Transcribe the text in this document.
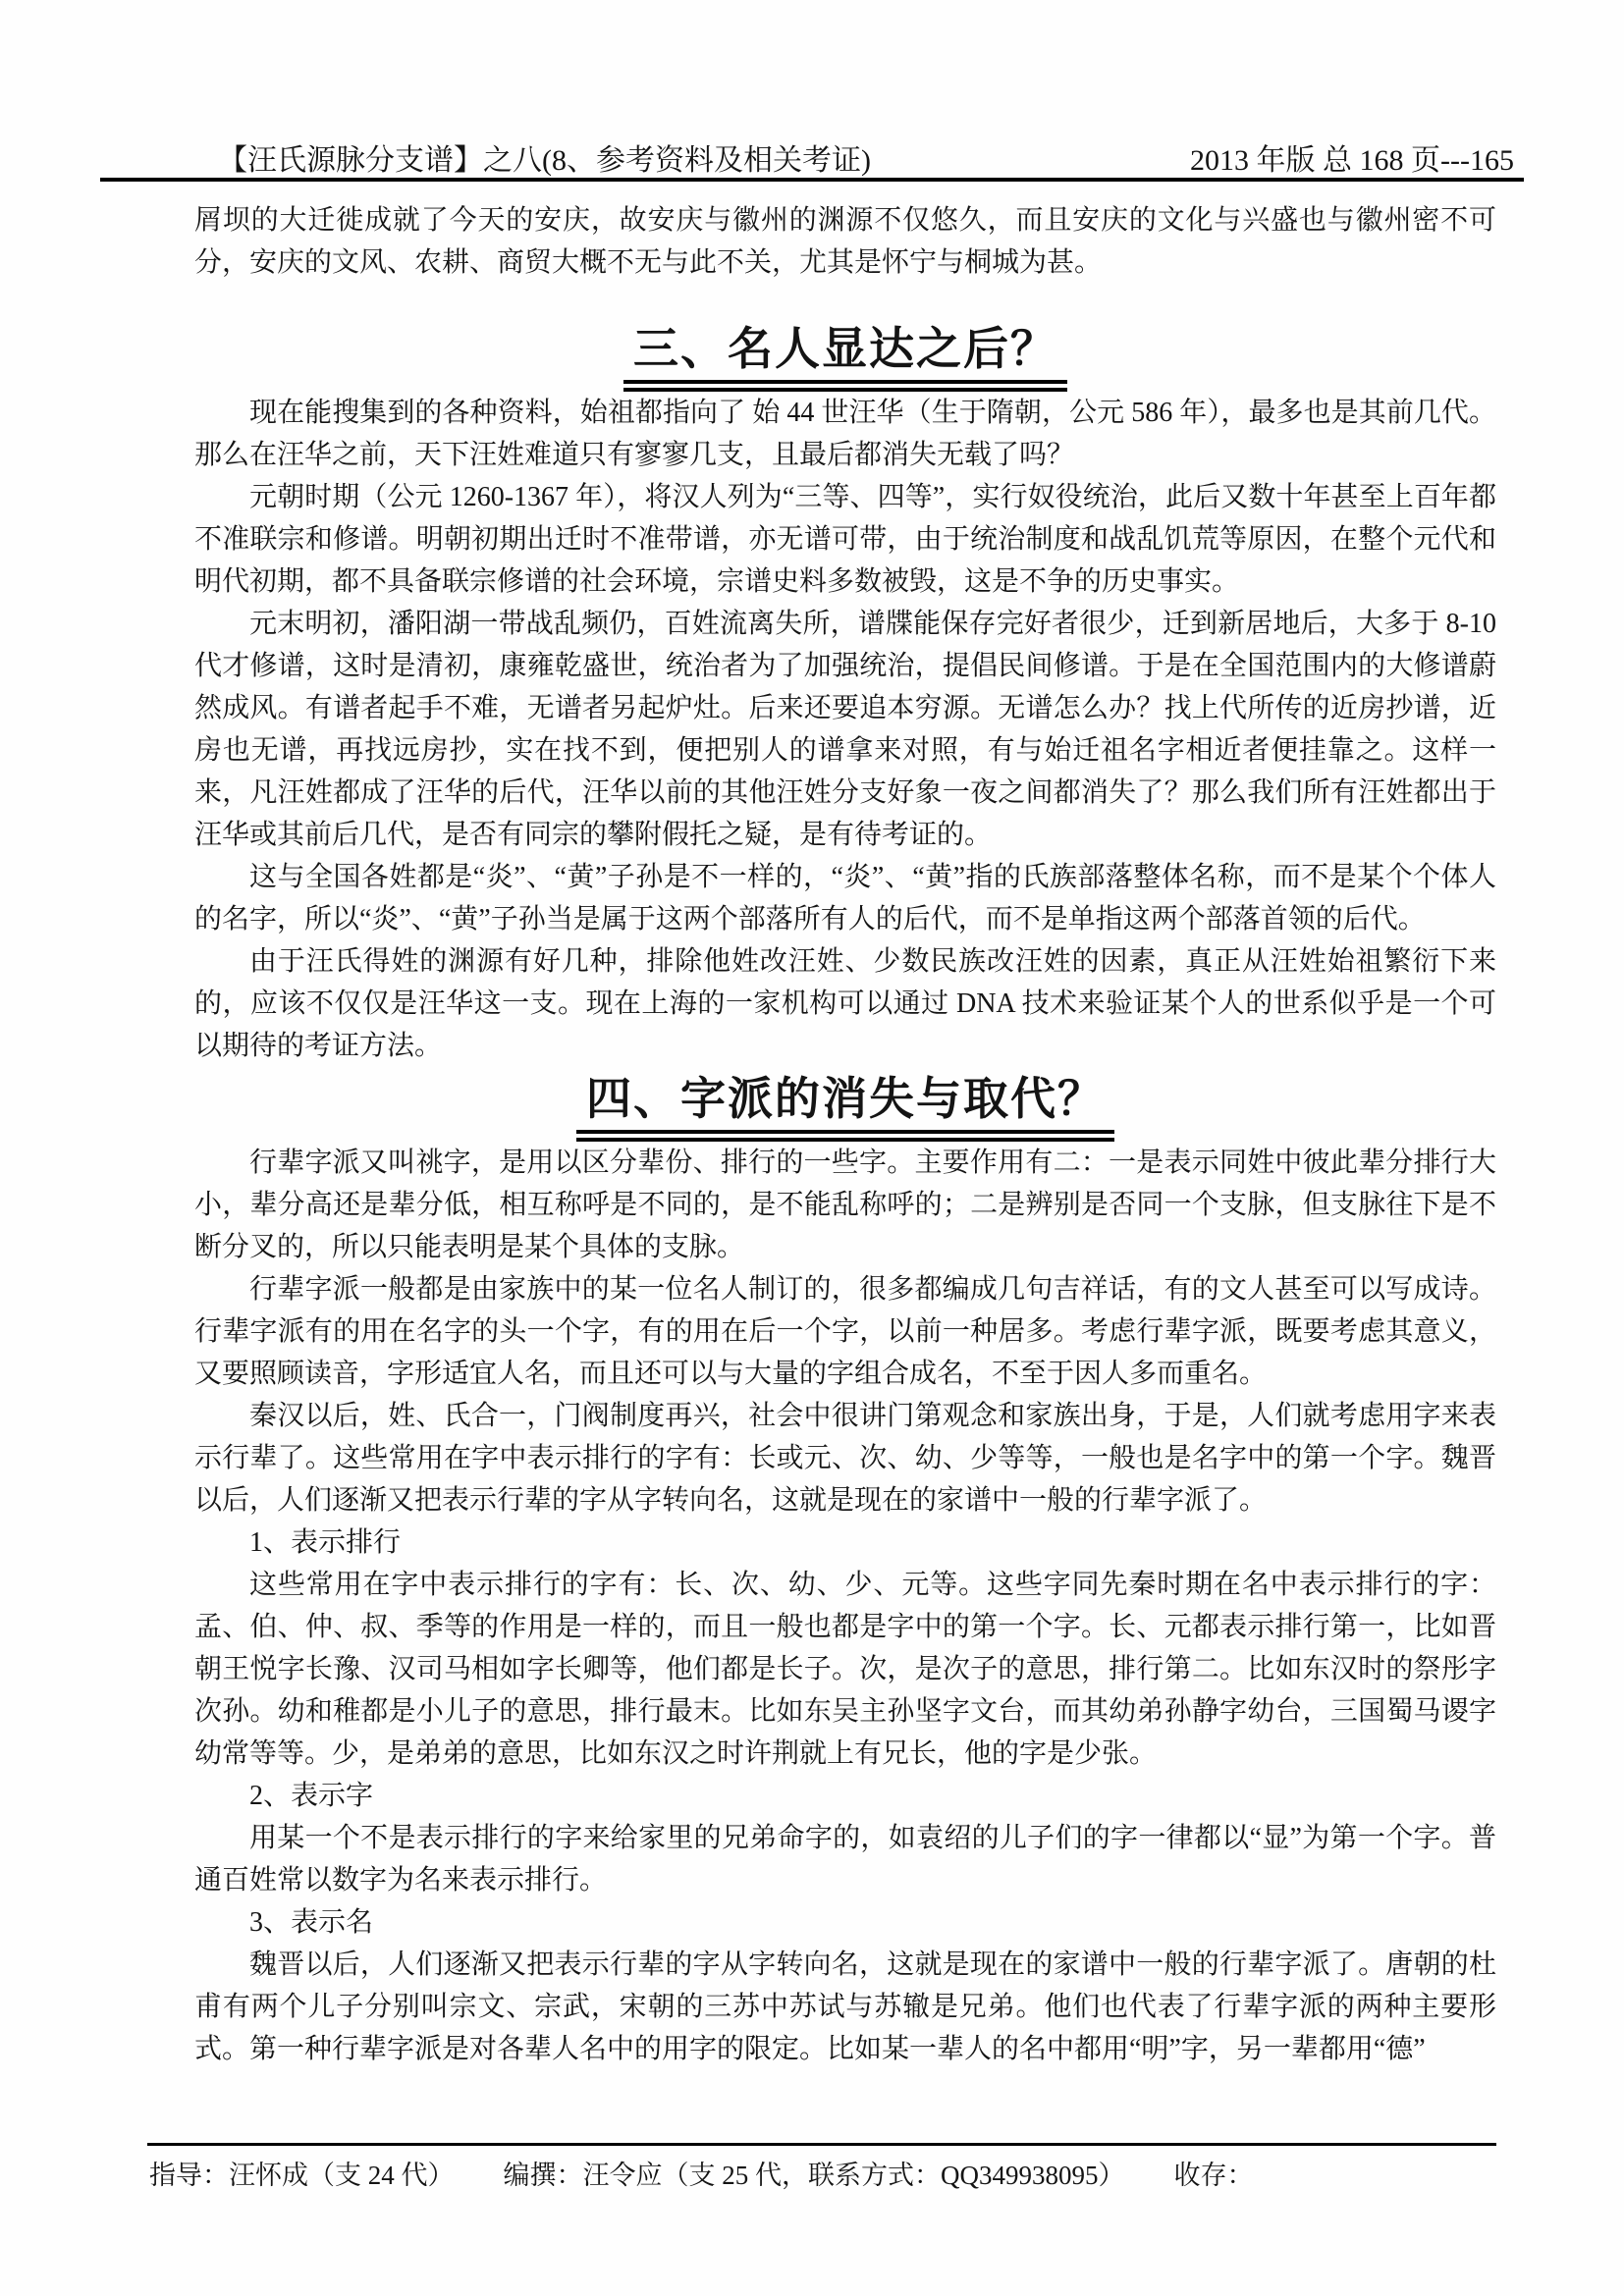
【汪氏源脉分支谱】之八(8、参考资料及相关考证)	2013 年版 总 168 页---165

屑坝的大迁徙成就了今天的安庆，故安庆与徽州的渊源不仅悠久，而且安庆的文化与兴盛也与徽州密不可分，安庆的文风、农耕、商贸大概不无与此不关，尤其是怀宁与桐城为甚。

三、名人显达之后？

现在能搜集到的各种资料，始祖都指向了 始 44 世汪华（生于隋朝，公元 586 年），最多也是其前几代。那么在汪华之前，天下汪姓难道只有寥寥几支，且最后都消失无载了吗？

元朝时期（公元 1260-1367 年），将汉人列为“三等、四等”，实行奴役统治，此后又数十年甚至上百年都不准联宗和修谱。明朝初期出迁时不准带谱，亦无谱可带，由于统治制度和战乱饥荒等原因，在整个元代和明代初期，都不具备联宗修谱的社会环境，宗谱史料多数被毁，这是不争的历史事实。

元末明初，潘阳湖一带战乱频仍，百姓流离失所，谱牒能保存完好者很少，迁到新居地后，大多于 8-10 代才修谱，这时是清初，康雍乾盛世，统治者为了加强统治，提倡民间修谱。于是在全国范围内的大修谱蔚然成风。有谱者起手不难，无谱者另起炉灶。后来还要追本穷源。无谱怎么办？找上代所传的近房抄谱，近房也无谱，再找远房抄，实在找不到，便把别人的谱拿来对照，有与始迁祖名字相近者便挂靠之。这样一来，凡汪姓都成了汪华的后代，汪华以前的其他汪姓分支好象一夜之间都消失了？那么我们所有汪姓都出于汪华或其前后几代，是否有同宗的攀附假托之疑，是有待考证的。

这与全国各姓都是“炎”、“黄”子孙是不一样的，“炎”、“黄”指的氏族部落整体名称，而不是某个个体人的名字，所以“炎”、“黄”子孙当是属于这两个部落所有人的后代，而不是单指这两个部落首领的后代。

由于汪氏得姓的渊源有好几种，排除他姓改汪姓、少数民族改汪姓的因素，真正从汪姓始祖繁衍下来的，应该不仅仅是汪华这一支。现在上海的一家机构可以通过 DNA 技术来验证某个人的世系似乎是一个可以期待的考证方法。

四、字派的消失与取代？

行辈字派又叫祧字，是用以区分辈份、排行的一些字。主要作用有二：一是表示同姓中彼此辈分排行大小，辈分高还是辈分低，相互称呼是不同的，是不能乱称呼的；二是辨别是否同一个支脉，但支脉往下是不断分叉的，所以只能表明是某个具体的支脉。

行辈字派一般都是由家族中的某一位名人制订的，很多都编成几句吉祥话，有的文人甚至可以写成诗。行辈字派有的用在名字的头一个字，有的用在后一个字，以前一种居多。考虑行辈字派，既要考虑其意义，又要照顾读音，字形适宜人名，而且还可以与大量的字组合成名，不至于因人多而重名。

秦汉以后，姓、氏合一，门阀制度再兴，社会中很讲门第观念和家族出身，于是，人们就考虑用字来表示行辈了。这些常用在字中表示排行的字有：长或元、次、幼、少等等，一般也是名字中的第一个字。魏晋以后，人们逐渐又把表示行辈的字从字转向名，这就是现在的家谱中一般的行辈字派了。

1、表示排行

这些常用在字中表示排行的字有：长、次、幼、少、元等。这些字同先秦时期在名中表示排行的字：孟、伯、仲、叔、季等的作用是一样的，而且一般也都是字中的第一个字。长、元都表示排行第一，比如晋朝王悦字长豫、汉司马相如字长卿等，他们都是长子。次，是次子的意思，排行第二。比如东汉时的祭彤字次孙。幼和稚都是小儿子的意思，排行最末。比如东吴主孙坚字文台，而其幼弟孙静字幼台，三国蜀马谡字幼常等等。少，是弟弟的意思，比如东汉之时许荆就上有兄长，他的字是少张。

2、表示字

用某一个不是表示排行的字来给家里的兄弟命字的，如袁绍的儿子们的字一律都以“显”为第一个字。普通百姓常以数字为名来表示排行。

3、表示名

魏晋以后，人们逐渐又把表示行辈的字从字转向名，这就是现在的家谱中一般的行辈字派了。唐朝的杜甫有两个儿子分别叫宗文、宗武，宋朝的三苏中苏试与苏辙是兄弟。他们也代表了行辈字派的两种主要形式。第一种行辈字派是对各辈人名中的用字的限定。比如某一辈人的名中都用“明”字，另一辈都用“德”

指导：汪怀成（支 24 代） 编撰：汪令应（支 25 代，联系方式：QQ349938095） 收存：
